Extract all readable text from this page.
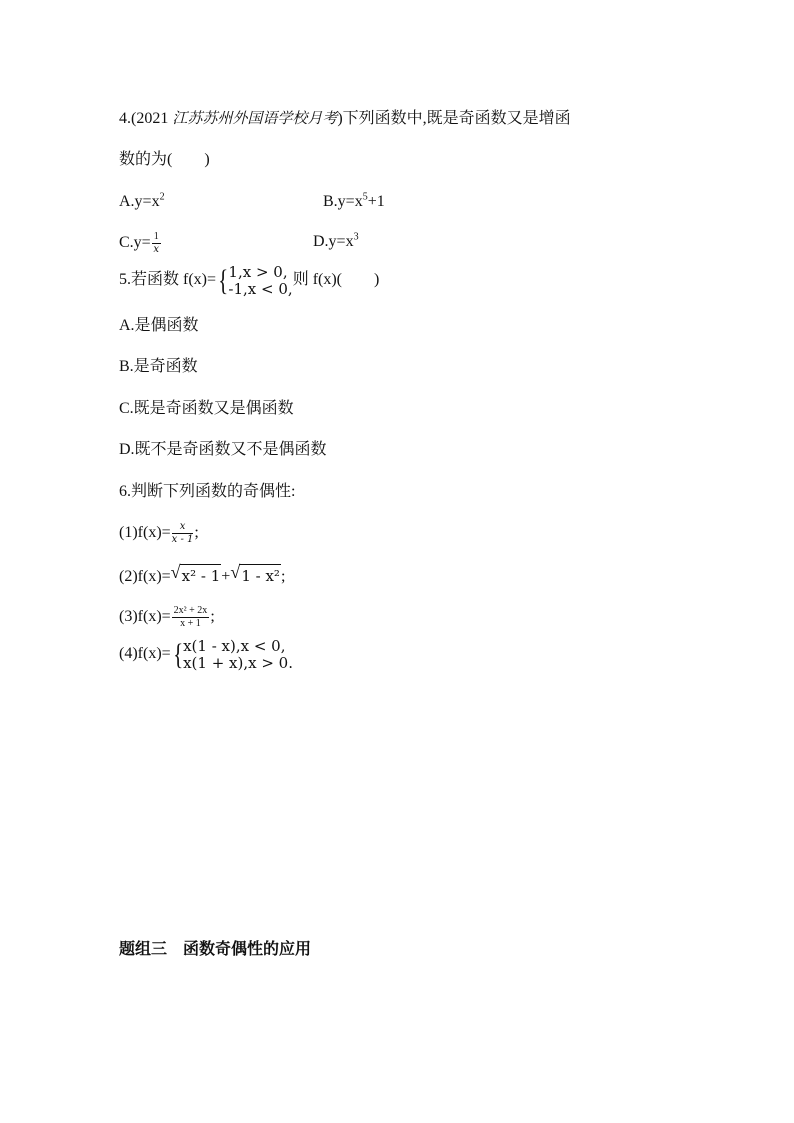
4.(2021 江苏苏州外国语学校月考)下列函数中,既是奇函数又是增函
数的为(　　)
$A.y=x^2$	$B.y=x^5+1$
$C.y= \frac{1}{x}$	$D.y=x^3$
5.若函数 f(x)={ 1,x > 0,
-1,x < 0,
则 f(x)(　　)
A.是偶函数
B.是奇函数
C.既是奇函数又是偶函数
D.既不是奇函数又不是偶函数
6.判断下列函数的奇偶性:
$(1)f(x)= \frac{x}{x - 1}$ ;
(2)f(x)= √ x² - 1+ √ 1 - x²;
$(3)f(x)= \frac{\text{2x² + 2x}}{x + 1}$ ;
(4)f(x)={ x(1 - x),x < 0,
x(1 + x),x > 0.
题组三　函数奇偶性的应用
